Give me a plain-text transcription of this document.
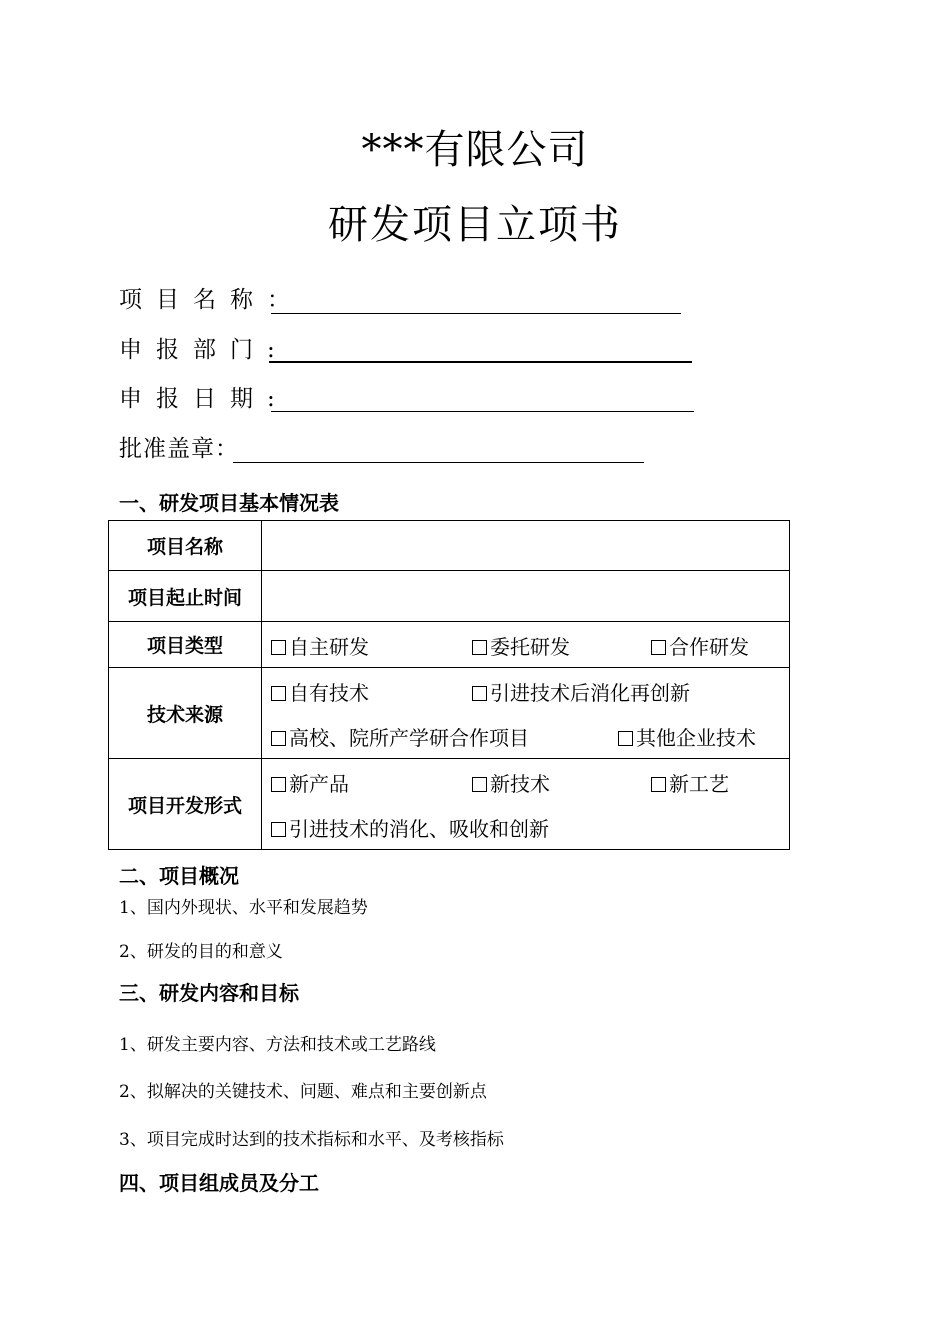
***有限公司
研发项目立项书
项目名称：
申报部门:
申报日期:
批准盖章：
一、研发项目基本情况表
项目名称	
项目起止时间	
项目类型	自主研发 委托研发 合作研发

技术来源	自有技术 引进技术后消化再创新
高校、院所产学研合作项目 其他企业技术

项目开发形式	新产品 新技术 新工艺
引进技术的消化、吸收和创新
二、项目概况
1、国内外现状、水平和发展趋势
2、研发的目的和意义
三、研发内容和目标
1、研发主要内容、方法和技术或工艺路线
2、拟解决的关键技术、问题、难点和主要创新点
3、项目完成时达到的技术指标和水平、及考核指标
四、项目组成员及分工
